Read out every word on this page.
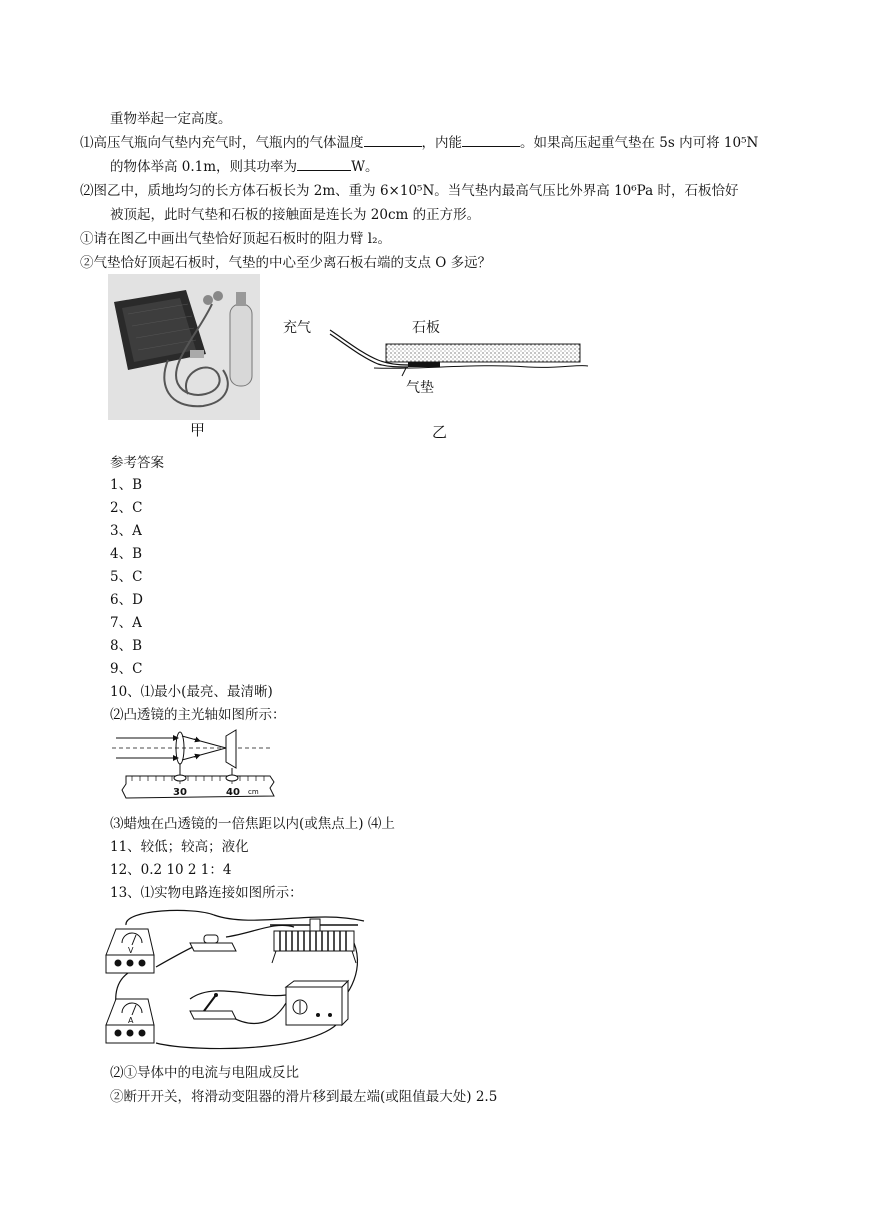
重物举起一定高度。
⑴高压气瓶向气垫内充气时，气瓶内的气体温度	，内能	。如果高压起重气垫在 5s 内可将 10⁵N
的物体举高 0.1m，则其功率为	W。
⑵图乙中，质地均匀的长方体石板长为 2m、重为 6×10⁵N。当气垫内最高气压比外界高 10⁶Pa 时，石板恰好
被顶起，此时气垫和石板的接触面是连长为 20cm 的正方形。
①请在图乙中画出气垫恰好顶起石板时的阻力臂 l₂。
②气垫恰好顶起石板时，气垫的中心至少离石板右端的支点 O 多远？
甲
充气	石板
气垫
乙
参考答案
1、B
2、C
3、A
4、B
5、C
6、D
7、A
8、B
9、C
10、⑴最小(最亮、最清晰)
⑵凸透镜的主光轴如图所示：
30	40 cm
⑶蜡烛在凸透镜的一倍焦距以内(或焦点上) ⑷上
11、较低；较高；液化
12、0.2 10 2 1：4
13、⑴实物电路连接如图所示：
V
A
⑵①导体中的电流与电阻成反比
②断开开关，将滑动变阻器的滑片移到最左端(或阻值最大处) 2.5
